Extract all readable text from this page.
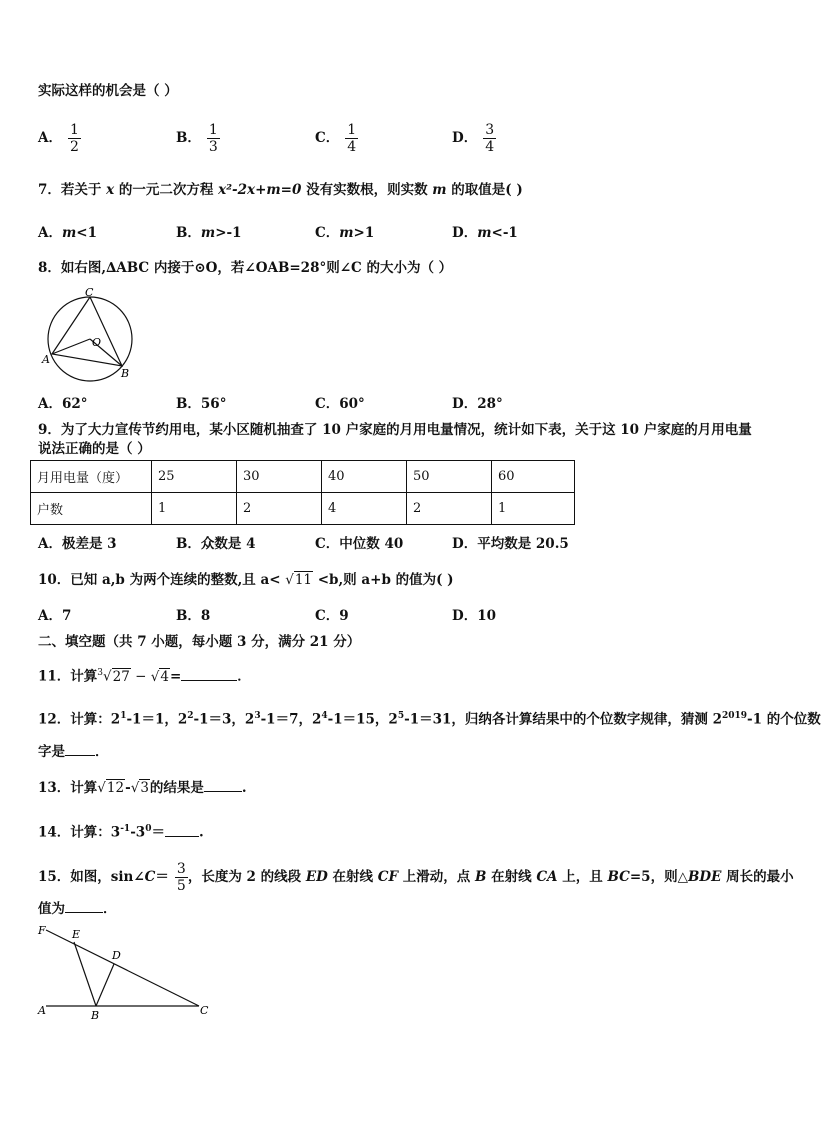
实际这样的机会是（ ）
A． $\frac{1}{2}$	B． $\frac{1}{3}$	C． $\frac{1}{4}$	D． $\frac{3}{4}$
7．若关于 x 的一元二次方程 x²-2x+m=0 没有实数根，则实数 m 的取值是( )
A．m<1	B．m>-1	C．m>1	D．m<-1
8．如右图,∆ABC 内接于⊙O，若∠OAB=28°则∠C 的大小为（ ）
C
O
A
B
A．62°	B．56°	C．60°	D．28°
9．为了大力宣传节约用电，某小区随机抽查了 10 户家庭的月用电量情况，统计如下表，关于这 10 户家庭的月用电量
说法正确的是（ ）
月用电量（度）	25	30	40	50	60
户数	1	2	4	2	1
A．极差是 3	B．众数是 4	C．中位数 40	D．平均数是 20.5
10．已知 a,b 为两个连续的整数,且 a< √11 <b,则 a+b 的值为( )
A．7	B．8	C．9	D．10
二、填空题（共 7 小题，每小题 3 分，满分 21 分）
11．计算$^3$√27 − √4=	．
12．计算：$2^1-1=1$，$2^2-1=3$，$2^3-1=7$，$2^4-1=15$，$2^5-1=31$，归纳各计算结果中的个位数字规律，猜测 $2^{2019}-1$ 的个位数
字是 ．
13．计算√12-√3的结果是	.
14．计算：$3^{-1}-3^0=$	.
15．如图，sin∠C＝ $\frac{3}{5}$ ，长度为 2 的线段 ED 在射线 CF 上滑动，点 B 在射线 CA 上，且 BC=5，则△BDE 周长的最小
值为	．
F E
D
A	B	C
